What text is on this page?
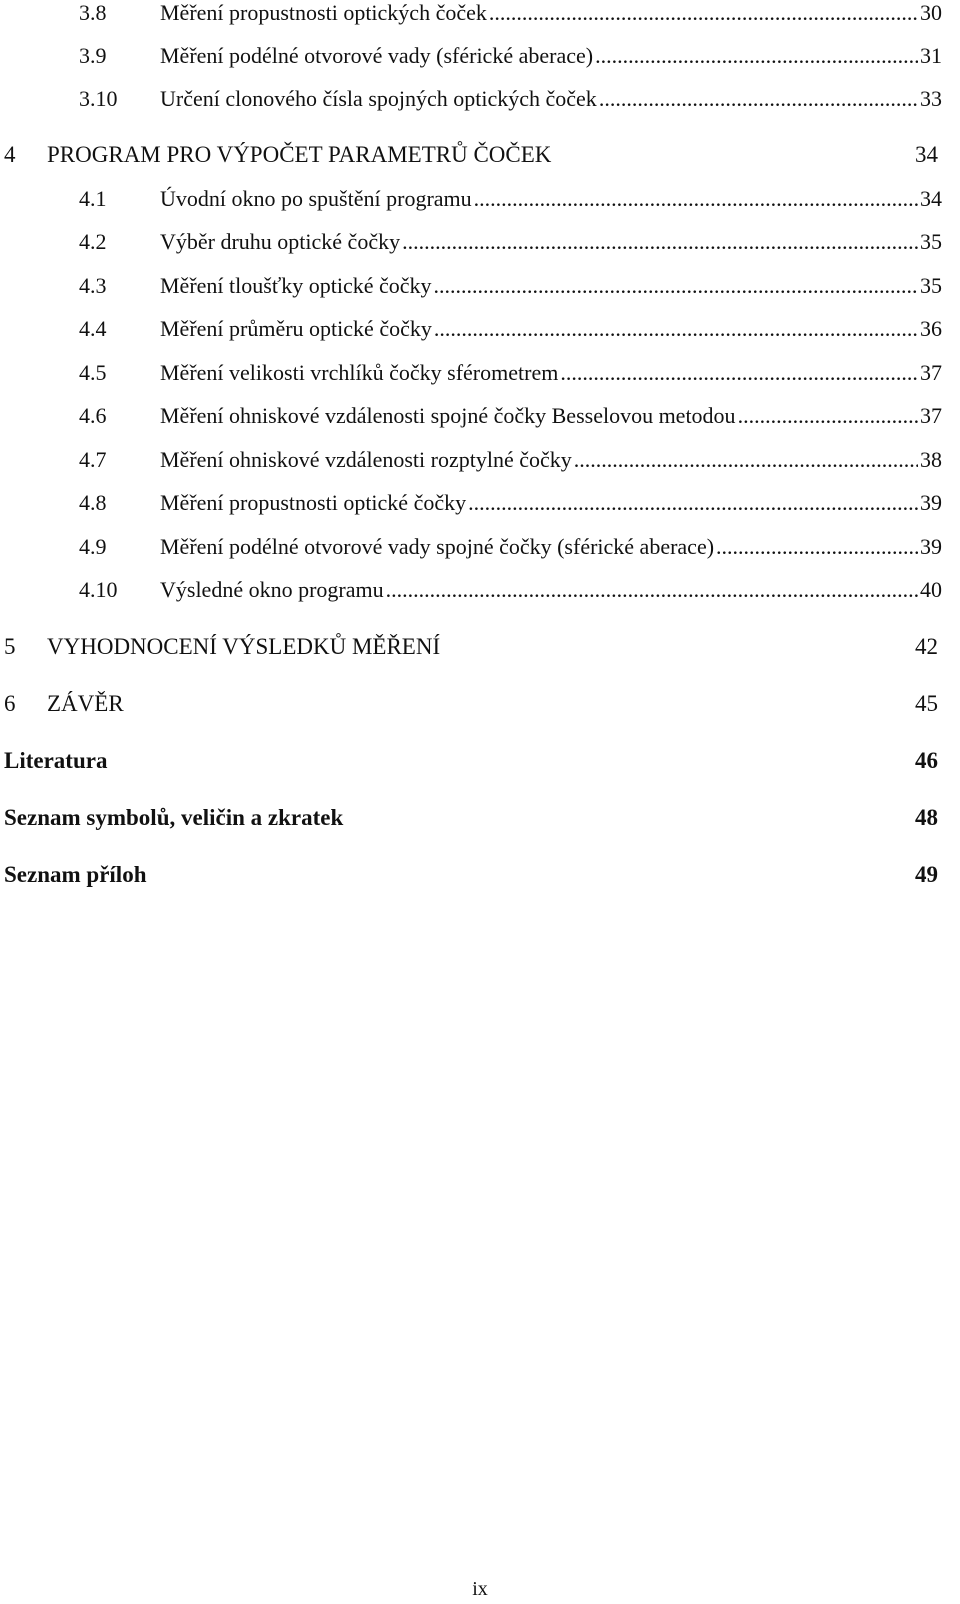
3.8	Měření propustnosti optických čoček .....	30
3.9	Měření podélné otvorové vady (sférické aberace) .....	31
3.10	Určení clonového čísla spojných optických čoček .....	33
4	PROGRAM PRO VÝPOČET PARAMETRŮ ČOČEK	34
4.1	Úvodní okno po spuštění programu .....	34
4.2	Výběr druhu optické čočky .....	35
4.3	Měření tloušťky optické čočky .....	35
4.4	Měření průměru optické čočky .....	36
4.5	Měření velikosti vrchlíků čočky sférometrem .....	37
4.6	Měření ohniskové vzdálenosti spojné čočky Besselovou metodou .....	37
4.7	Měření ohniskové vzdálenosti rozptylné čočky .....	38
4.8	Měření propustnosti optické čočky .....	39
4.9	Měření podélné otvorové vady spojné čočky (sférické aberace) .....	39
4.10	Výsledné okno programu .....	40
5	VYHODNOCENÍ VÝSLEDKŮ MĚŘENÍ	42
6	ZÁVĚR	45
Literatura	46
Seznam symbolů, veličin a zkratek	48
Seznam příloh	49
ix
